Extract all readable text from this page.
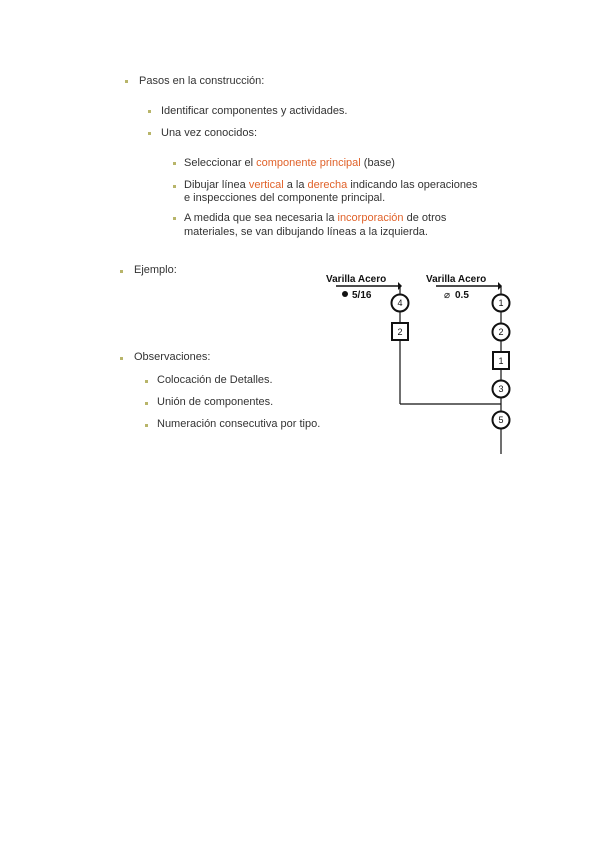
Pasos en la construcción:
Identificar componentes y actividades.
Una vez conocidos:
Seleccionar el componente principal (base)
Dibujar línea vertical a la derecha indicando las operaciones
e inspecciones del componente principal.
A medida que sea necesaria la incorporación de otros
materiales, se van dibujando líneas a la izquierda.
Ejemplo:
Observaciones:
Colocación de Detalles.
Unión de componentes.
Numeración consecutiva por tipo.
Varilla Acero
5/16
4
2
Varilla Acero
⌀ 0.5
1
2
1
3
5
